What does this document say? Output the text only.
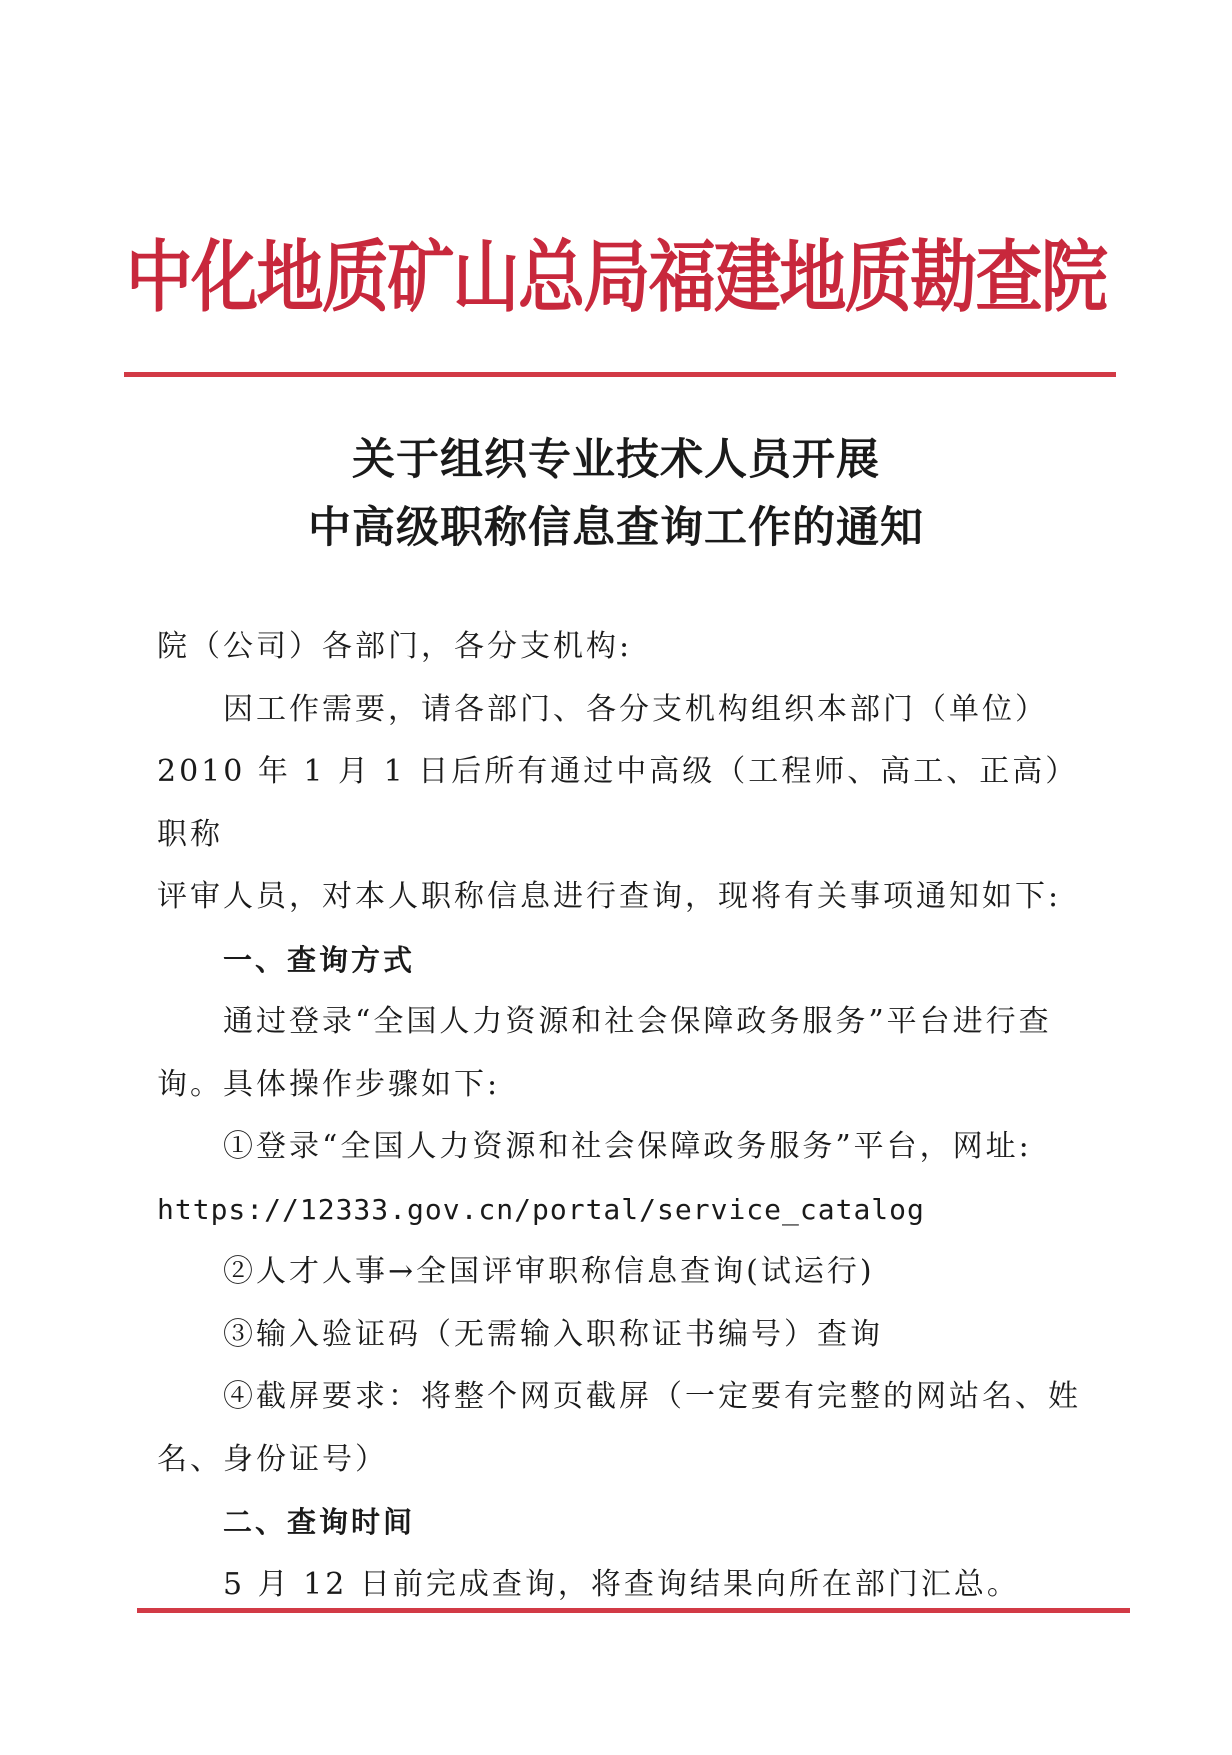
中化地质矿山总局福建地质勘查院
关于组织专业技术人员开展
中高级职称信息查询工作的通知

院（公司）各部门，各分支机构:

因工作需要，请各部门、各分支机构组织本部门（单位）

2010 年 1 月 1 日后所有通过中高级（工程师、高工、正高）职称

评审人员，对本人职称信息进行查询，现将有关事项通知如下:

一、查询方式

通过登录“全国人力资源和社会保障政务服务”平台进行查

询。具体操作步骤如下:

①登录“全国人力资源和社会保障政务服务”平台，网址:

https://12333.gov.cn/portal/service_catalog

②人才人事→全国评审职称信息查询(试运行)

③输入验证码（无需输入职称证书编号）查询

④截屏要求：将整个网页截屏（一定要有完整的网站名、姓

名、身份证号）

二、查询时间

5 月 12 日前完成查询，将查询结果向所在部门汇总。
